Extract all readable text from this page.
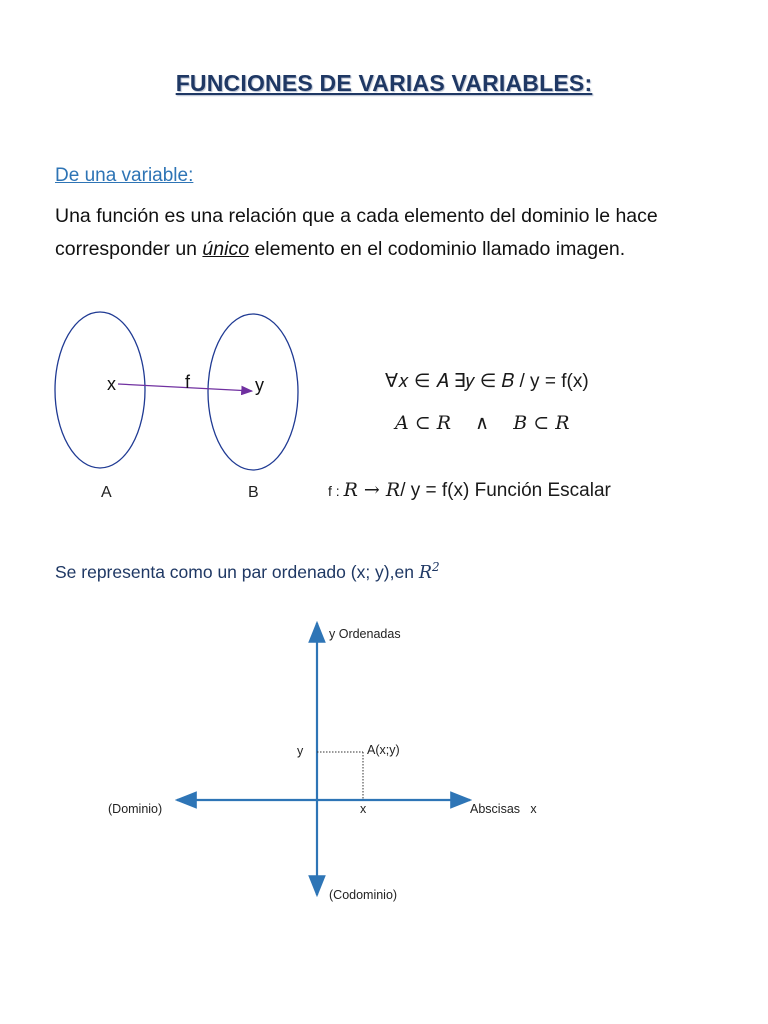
FUNCIONES DE VARIAS VARIABLES:
De una variable:
Una función es una relación que a cada elemento del dominio le hace
corresponder un único elemento en el codominio llamado imagen.
x	f	y
A	B
∀𝑥 ∈ 𝐴 ∃𝑦 ∈ 𝐵 / y = f(x)
𝐴 ⊂ 𝑅    ∧    𝐵 ⊂ 𝑅
f : 𝑅 → 𝑅/ y = f(x) Función Escalar
Se representa como un par ordenado (x; y),en 𝑅$^2$
y Ordenadas
y	A(x;y)
(Dominio)	x	Abscisas   x
(Codominio)
